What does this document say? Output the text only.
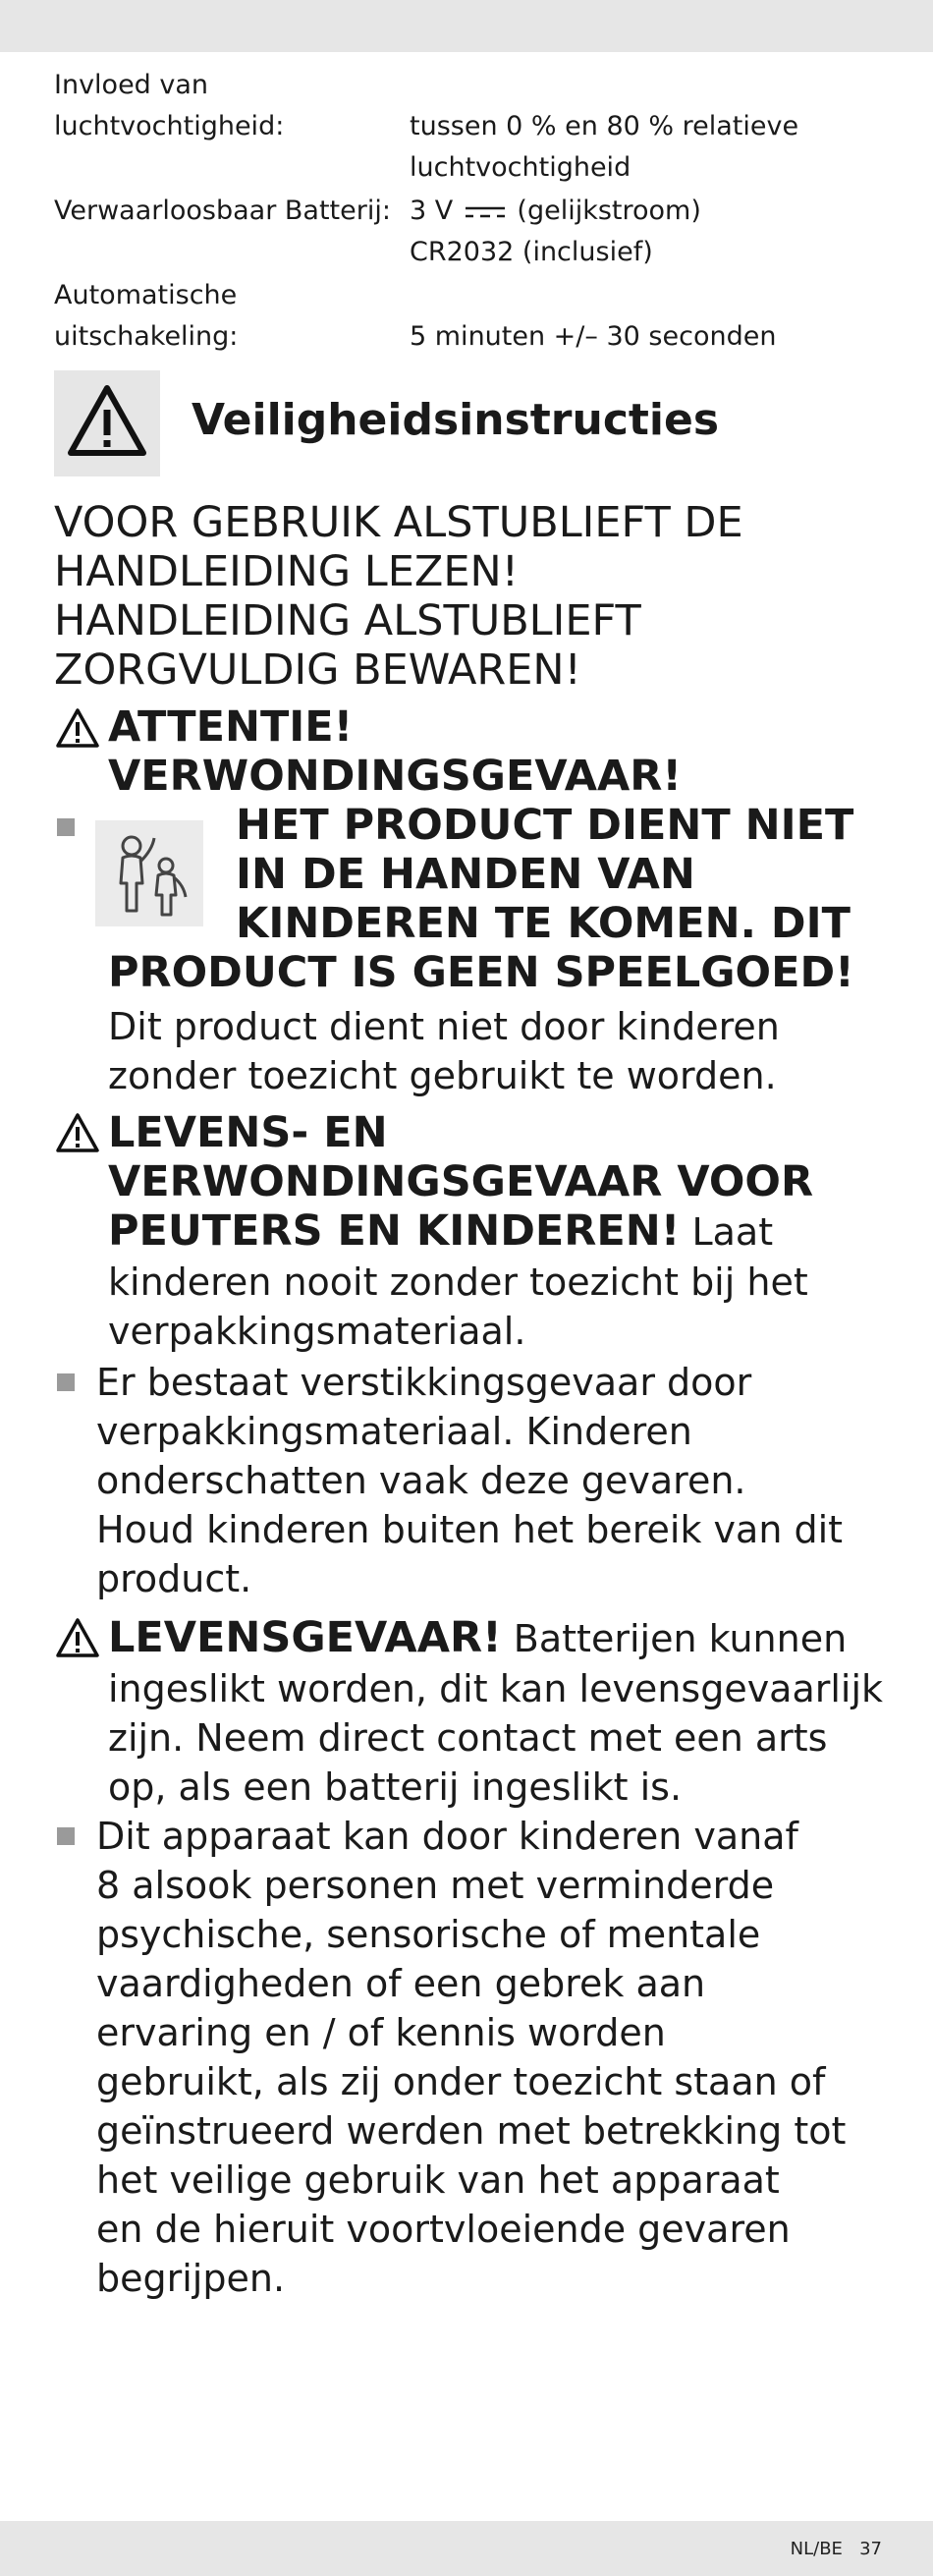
Invloed van
luchtvochtigheid:	tussen 0 % en 80 % relatieve
luchtvochtigheid
Verwaarloosbaar Batterij: 3 V (gelijkstroom)
CR2032 (inclusief)
Automatische
uitschakeling:	5 minuten +/– 30 seconden
Veiligheidsinstructies
VOOR GEBRUIK ALSTUBLIEFT DE
HANDLEIDING LEZEN!
HANDLEIDING ALSTUBLIEFT
ZORGVULDIG BEWAREN!
ATTENTIE!
VERWONDINGSGEVAAR!
HET PRODUCT DIENT NIET
IN DE HANDEN VAN
KINDEREN TE KOMEN. DIT
PRODUCT IS GEEN SPEELGOED!
Dit product dient niet door kinderen
zonder toezicht gebruikt te worden.
LEVENS- EN
VERWONDINGSGEVAAR VOOR
PEUTERS EN KINDEREN! Laat
kinderen nooit zonder toezicht bij het
verpakkingsmateriaal.
Er bestaat verstikkingsgevaar door
verpakkingsmateriaal. Kinderen
onderschatten vaak deze gevaren.
Houd kinderen buiten het bereik van dit
product.
LEVENSGEVAAR! Batterijen kunnen
ingeslikt worden, dit kan levensgevaarlijk
zijn. Neem direct contact met een arts
op, als een batterij ingeslikt is.
Dit apparaat kan door kinderen vanaf
8 alsook personen met verminderde
psychische, sensorische of mentale
vaardigheden of een gebrek aan
ervaring en / of kennis worden
gebruikt, als zij onder toezicht staan of
geïnstrueerd werden met betrekking tot
het veilige gebruik van het apparaat
en de hieruit voortvloeiende gevaren
begrijpen.
NL/BE   37
